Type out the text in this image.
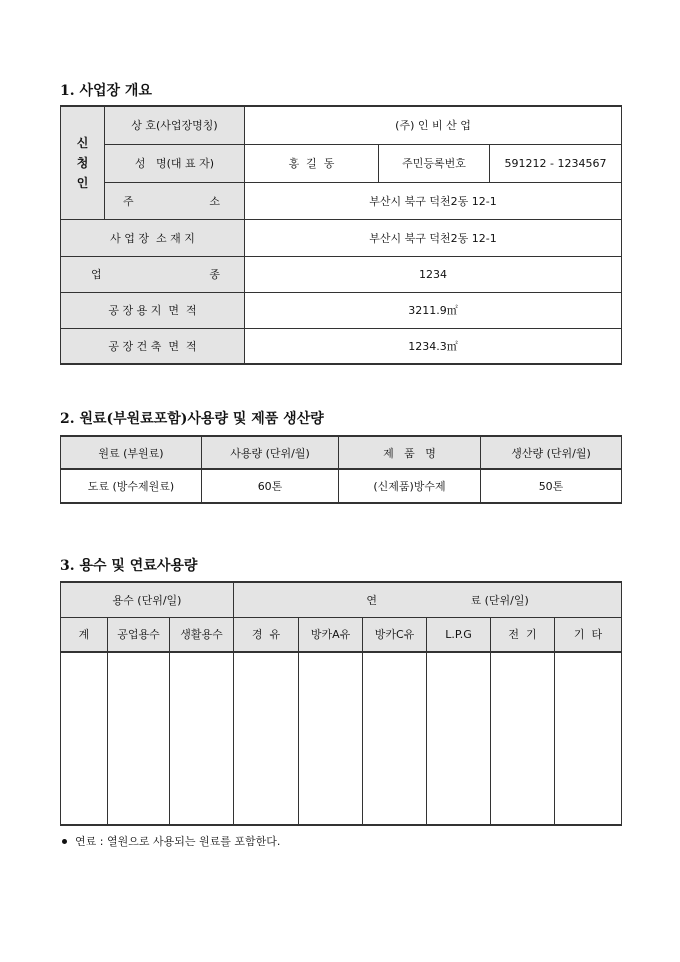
1. 사업장 개요
신
청
인	상 호(사업장명칭)	(주) 인 비 산 업		
	성   명(대 표 자)	홍  길  동	주민등록번호	591212 - 1234567

	주 소	부산시 북구 덕천2동 12-1		
사 업 장  소 재 지		부산시 북구 덕천2동 12-1		

업 종		1234		
공 장 용 지  면  적		3211.9㎡		
공 장 건 축  면  적		1234.3㎡		
2. 원료(부원료포함)사용량 및 제품 생산량
원료 (부원료)	사용량 (단위/월)	제   품   명	생산량 (단위/월)
도료 (방수제원료)	60톤	(신제품)방수제	50톤
3. 용수 및 연료사용량
용수 (단위/일)			연 료 (단위/일)					
계	공업용수	생활용수	경  유	방카A유	방카C유	L.P.G	전  기	기  타

연료 : 열원으로 사용되는 원료를 포함한다.
